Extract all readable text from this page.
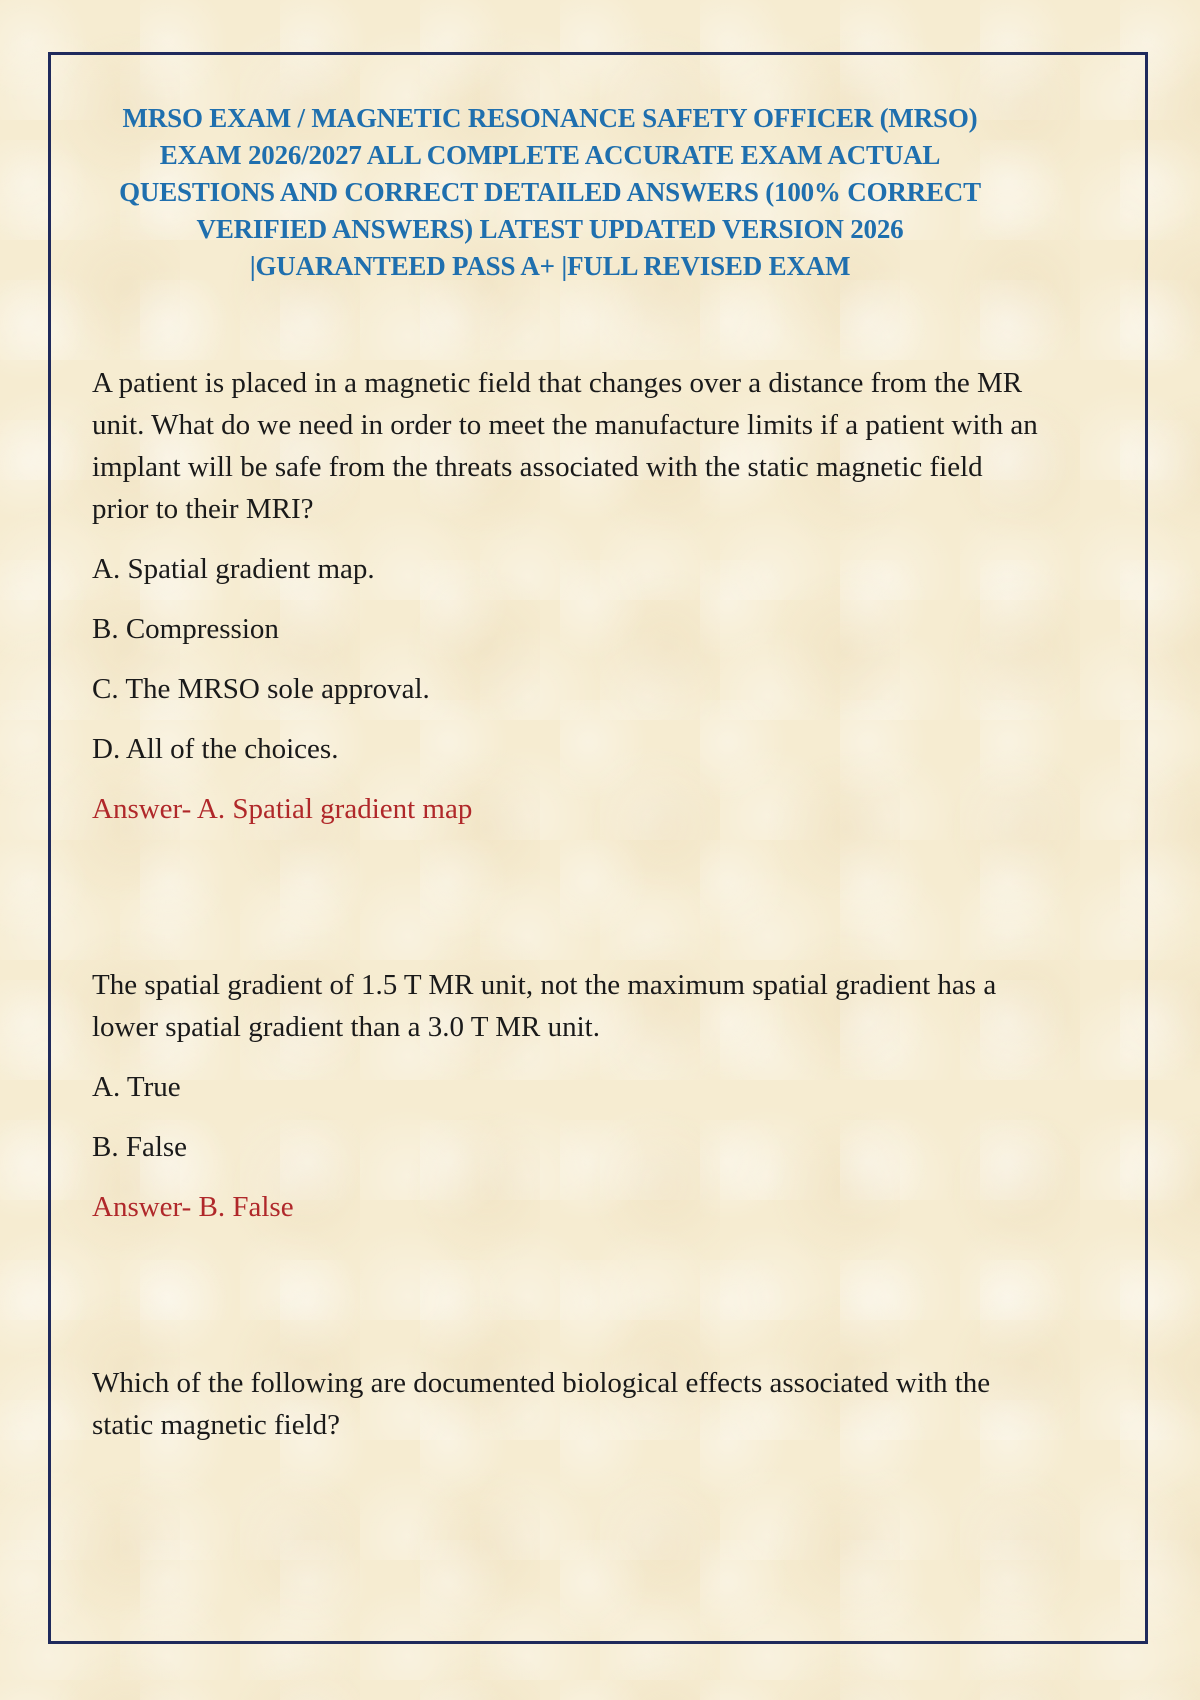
MRSO EXAM / MAGNETIC RESONANCE SAFETY OFFICER (MRSO) EXAM 2026/2027 ALL COMPLETE ACCURATE EXAM ACTUAL QUESTIONS AND CORRECT DETAILED ANSWERS (100% CORRECT VERIFIED ANSWERS) LATEST UPDATED VERSION 2026 |GUARANTEED PASS A+ |FULL REVISED EXAM

A patient is placed in a magnetic field that changes over a distance from the MR unit. What do we need in order to meet the manufacture limits if a patient with an implant will be safe from the threats associated with the static magnetic field prior to their MRI?

A. Spatial gradient map.

B. Compression

C. The MRSO sole approval.

D. All of the choices.

Answer- A. Spatial gradient map

The spatial gradient of 1.5 T MR unit, not the maximum spatial gradient has a lower spatial gradient than a 3.0 T MR unit.

A. True

B. False

Answer- B. False

Which of the following are documented biological effects associated with the static magnetic field?
